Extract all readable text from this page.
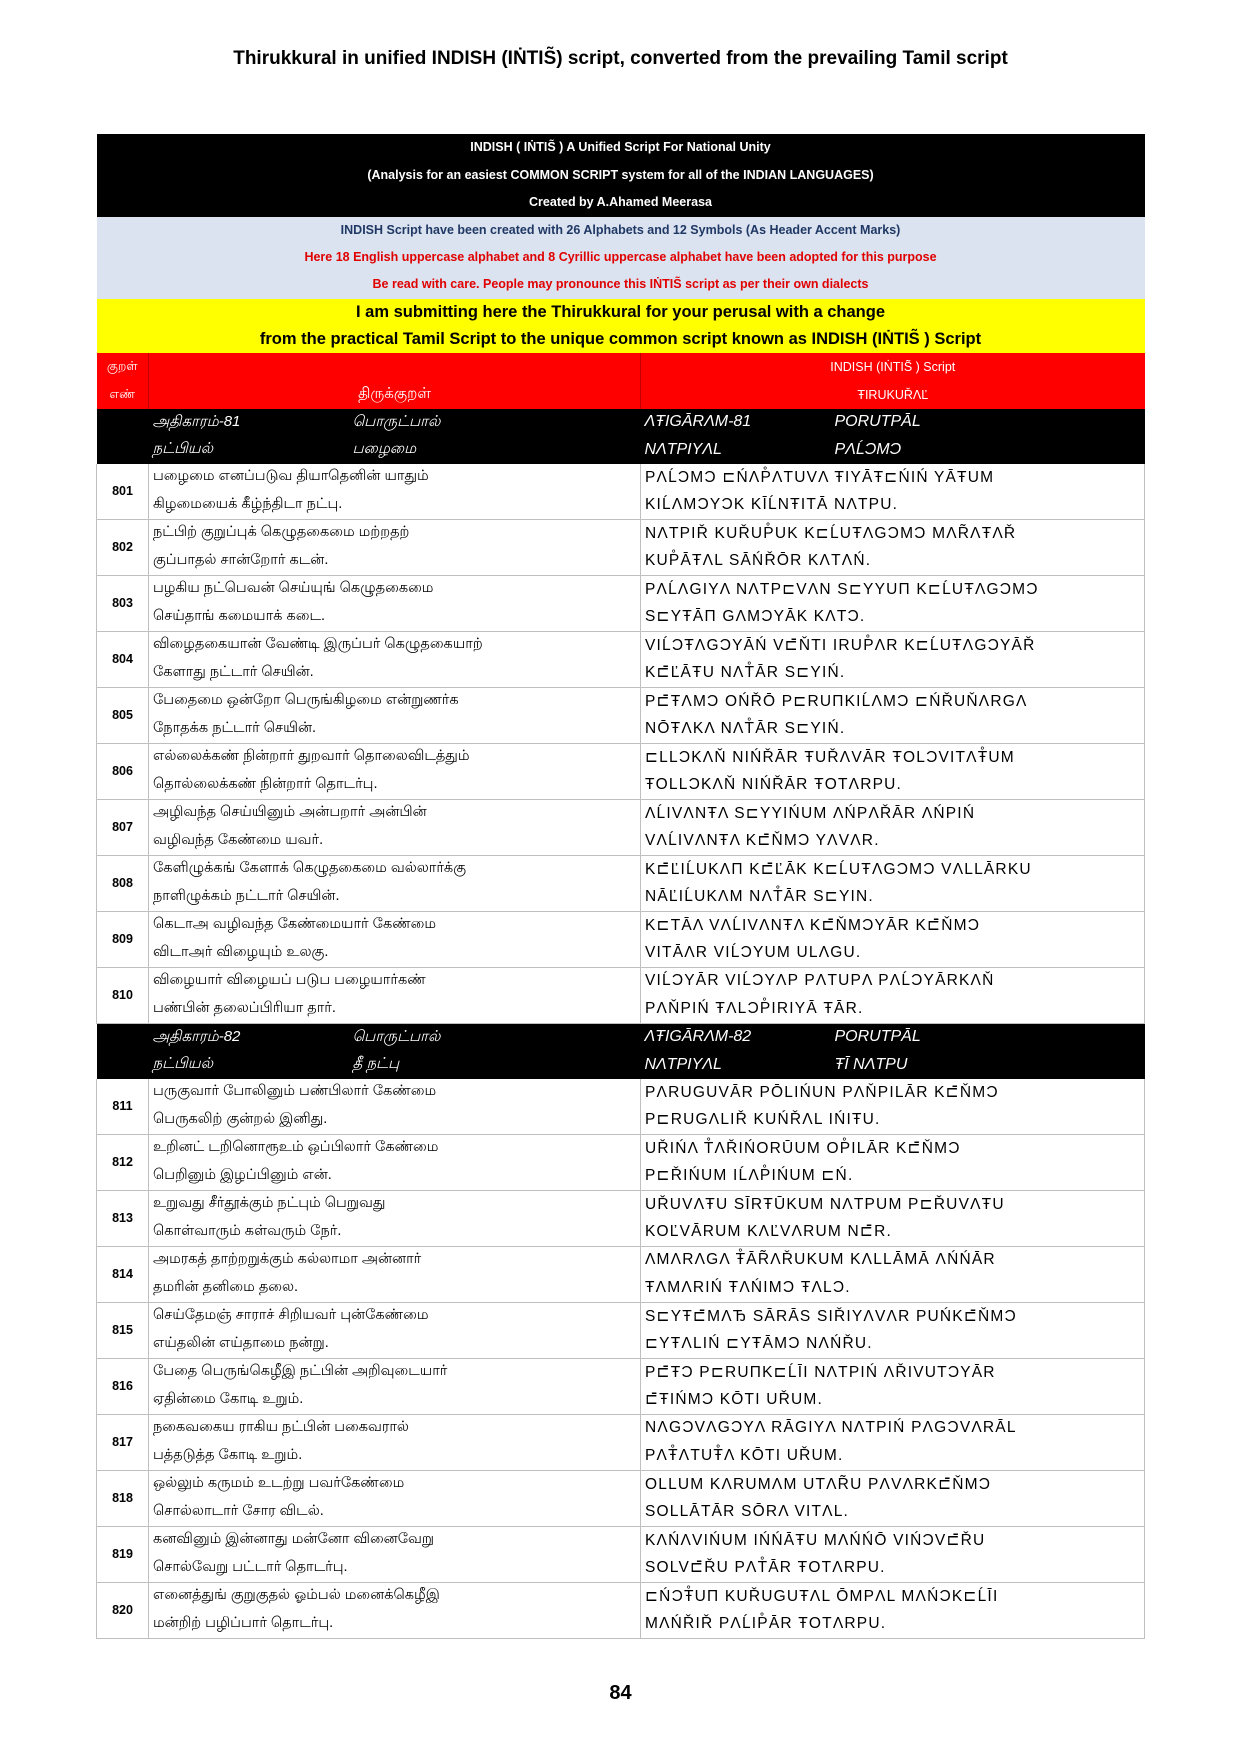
Thirukkural in unified INDISH (IṄTIS̃) script, converted from the prevailing Tamil script
INDISH ( IṄTIS̃ ) A Unified Script For National Unity		
(Analysis for an easiest COMMON SCRIPT system for all of the INDIAN LANGUAGES)		
Created by A.Ahamed Meerasa		
INDISH Script have been created with 26 Alphabets and 12 Symbols (As Header Accent Marks)		
Here 18 English uppercase alphabet and 8 Cyrillic uppercase alphabet have been adopted for this purpose		
Be read with care. People may pronounce this IṄTIS̃ script as per their own dialects		
I am submitting here the Thirukkural for your perusal with a change		
from the practical Tamil Script to the unique common script known as INDISH (IṄTIS̃ ) Script		
குறள்		INDISH (IṄTIS̃ ) Script
எண்	திருக்குறள்	ŦIRUKUŘΛĽ
	அதிகாரம்-81 பொருட்பால்	ΛŦIGĀRΛM-81 PORUTPĀL
	நட்பியல் பழைமை	NΛTPIYΛL PΛĹƆMƆ
801	பழைமை எனப்படுவ தியாதெனின் யாதும்	PΛĹƆMƆ ⊏ŃΛP̊ΛTUVΛ ŦIYĀŦ⊏ŃIŃ YĀŦUM
	கிழமையைக் கீழ்ந்திடா நட்பு.	KIĹΛMƆYƆK KĪĹNŦITĀ NΛTPU.
802	நட்பிற் குறுப்புக் கெழுதகைமை மற்றதற்	NΛTPIŘ KUŘUP̊UK K⊏ĹUŦΛGƆMƆ MΛR̃ΛŦΛŘ
	குப்பாதல் சான்றோர் கடன்.	KUP̊ĀŦΛL SĀŃŘŌR KΛTΛŃ.
803	பழகிய நட்பெவன் செய்யுங் கெழுதகைமை	PΛĹΛGIYΛ NΛTP⊏VΛN S⊏YYUП K⊏ĹUŦΛGƆMƆ
	செய்தாங் கமையாக் கடை.	S⊏YŦĀП GΛMƆYĀK KΛTƆ.
804	விழைதகையான் வேண்டி இருப்பர் கெழுதகையாற்	VIĹƆŦΛGƆYĀŃ V⊏̄ŇTI IRUP̊ΛR K⊏ĹUŦΛGƆYĀŘ
	கேளாது நட்டார் செயின்.	K⊏̄ĽĀŦU NΛT̊ĀR S⊏YIŃ.
805	பேதைமை ஒன்றோ பெருங்கிழமை என்றுணர்க	P⊏̄ŦΛMƆ OŃŘŌ P⊏RUПKIĹΛMƆ ⊏ŃŘUŇΛRGΛ
	நோதக்க நட்டார் செயின்.	NŌŦΛKΛ NΛT̊ĀR S⊏YIŃ.
806	எல்லைக்கண் நின்றார் துறவார் தொலைவிடத்தும்	⊏LLƆKΛŇ NIŃŘĀR ŦUŘΛVĀR ŦOLƆVITΛŦ̊UM
	தொல்லைக்கண் நின்றார் தொடர்பு.	ŦOLLƆKΛŇ NIŃŘĀR ŦOTΛRPU.
807	அழிவந்த செய்யினும் அன்பறார் அன்பின்	ΛĹIVΛNŦΛ S⊏YYIŃUM ΛŃPΛŘĀR ΛŃPIŃ
	வழிவந்த கேண்மை யவர்.	VΛĹIVΛNŦΛ K⊏̄ŇMƆ YΛVΛR.
808	கேளிழுக்கங் கேளாக் கெழுதகைமை வல்லார்க்கு	K⊏̄ĽIĹUKΛП K⊏̄ĽĀK K⊏ĹUŦΛGƆMƆ VΛLLĀRKU
	நாளிழுக்கம் நட்டார் செயின்.	NĀĽIĹUKΛM NΛT̊ĀR S⊏YIN.
809	கெடாஅ வழிவந்த கேண்மையார் கேண்மை	K⊏TĀΛ VΛĹIVΛNŦΛ K⊏̄ŇMƆYĀR K⊏̄ŇMƆ
	விடாஅர் விழையும் உலகு.	VITĀΛR VIĹƆYUM ULΛGU.
810	விழையார் விழையப் படுப பழையார்கண்	VIĹƆYĀR VIĹƆYΛP PΛTUPΛ PΛĹƆYĀRKΛŇ
	பண்பின் தலைப்பிரியா தார்.	PΛŇPIŃ ŦΛLƆP̊IRIYĀ ŦĀR.
	அதிகாரம்-82 பொருட்பால்	ΛŦIGĀRΛM-82 PORUTPĀL
	நட்பியல் தீ நட்பு	NΛTPIYΛL ŦĪ NΛTPU
811	பருகுவார் போலினும் பண்பிலார் கேண்மை	PΛRUGUVĀR PŌLIŃUN PΛŇPILĀR K⊏̄ŇMƆ
	பெருகலிற் குன்றல் இனிது.	P⊏RUGΛLIŘ KUŃŘΛL IŃIŦU.
812	உறினட் டறினொரூஉம் ஒப்பிலார் கேண்மை	UŘIŃΛ T̊ΛŘIŃORŪUM OP̊ILĀR K⊏̄ŇMƆ
	பெறினும் இழப்பினும் என்.	P⊏ŘIŃUM IĹΛP̊IŃUM ⊏Ń.
813	உறுவது சீர்தூக்கும் நட்பும் பெறுவது	UŘUVΛŦU SĪRŦŪKUM NΛTPUM P⊏ŘUVΛŦU
	கொள்வாரும் கள்வரும் நேர்.	KOĽVĀRUM KΛĽVΛRUM N⊏̄R.
814	அமரகத் தாற்றறுக்கும் கல்லாமா அன்னார்	ΛMΛRΛGΛ Ŧ̊ĀR̃ΛŘUKUM KΛLLĀMĀ ΛŃŃĀR
	தமரின் தனிமை தலை.	ŦΛMΛRIŃ ŦΛŃIMƆ ŦΛLƆ.
815	செய்தேமஞ் சாராச் சிறியவர் புன்கேண்மை	S⊏YŦ⊏̄MΛЂ SĀRĀS SIŘIYΛVΛR PUŃK⊏̄ŇMƆ
	எய்தலின் எய்தாமை நன்று.	⊏YŦΛLIŃ ⊏YŦĀMƆ NΛŃŘU.
816	பேதை பெருங்கெழீஇ நட்பின் அறிவுடையார்	P⊏̄ŦƆ P⊏RUПK⊏ĹĪI NΛTPIŃ ΛŘIVUTƆYĀR
	ஏதின்மை கோடி உறும்.	⊏̄ŦIŃMƆ KŌTI UŘUM.
817	நகைவகைய ராகிய நட்பின் பகைவரால்	NΛGƆVΛGƆYΛ RĀGIYΛ NΛTPIŃ PΛGƆVΛRĀL
	பத்தடுத்த கோடி உறும்.	PΛŦ̊ΛTUŦ̊Λ KŌTI UŘUM.
818	ஒல்லும் கருமம் உடற்று பவர்கேண்மை	OLLUM KΛRUMΛM UTΛR̃U PΛVΛRK⊏̄ŇMƆ
	சொல்லாடார் சோர விடல்.	SOLLĀTĀR SŌRΛ VITΛL.
819	கனவினும் இன்னாது மன்னோ வினைவேறு	KΛŃΛVIŃUM IŃŃĀŦU MΛŃŃŌ VIŃƆV⊏̄ŘU
	சொல்வேறு பட்டார் தொடர்பு.	SOLV⊏̄ŘU PΛT̊ĀR ŦOTΛRPU.
820	எனைத்துங் குறுகுதல் ஓம்பல் மனைக்கெழீஇ	⊏ŃƆŦ̊UП KUŘUGUŦΛL ŌMPΛL MΛŃƆK⊏ĹĪI
	மன்றிற் பழிப்பார் தொடர்பு.	MΛŃŘIŘ PΛĹIP̊ĀR ŦOTΛRPU.
84
